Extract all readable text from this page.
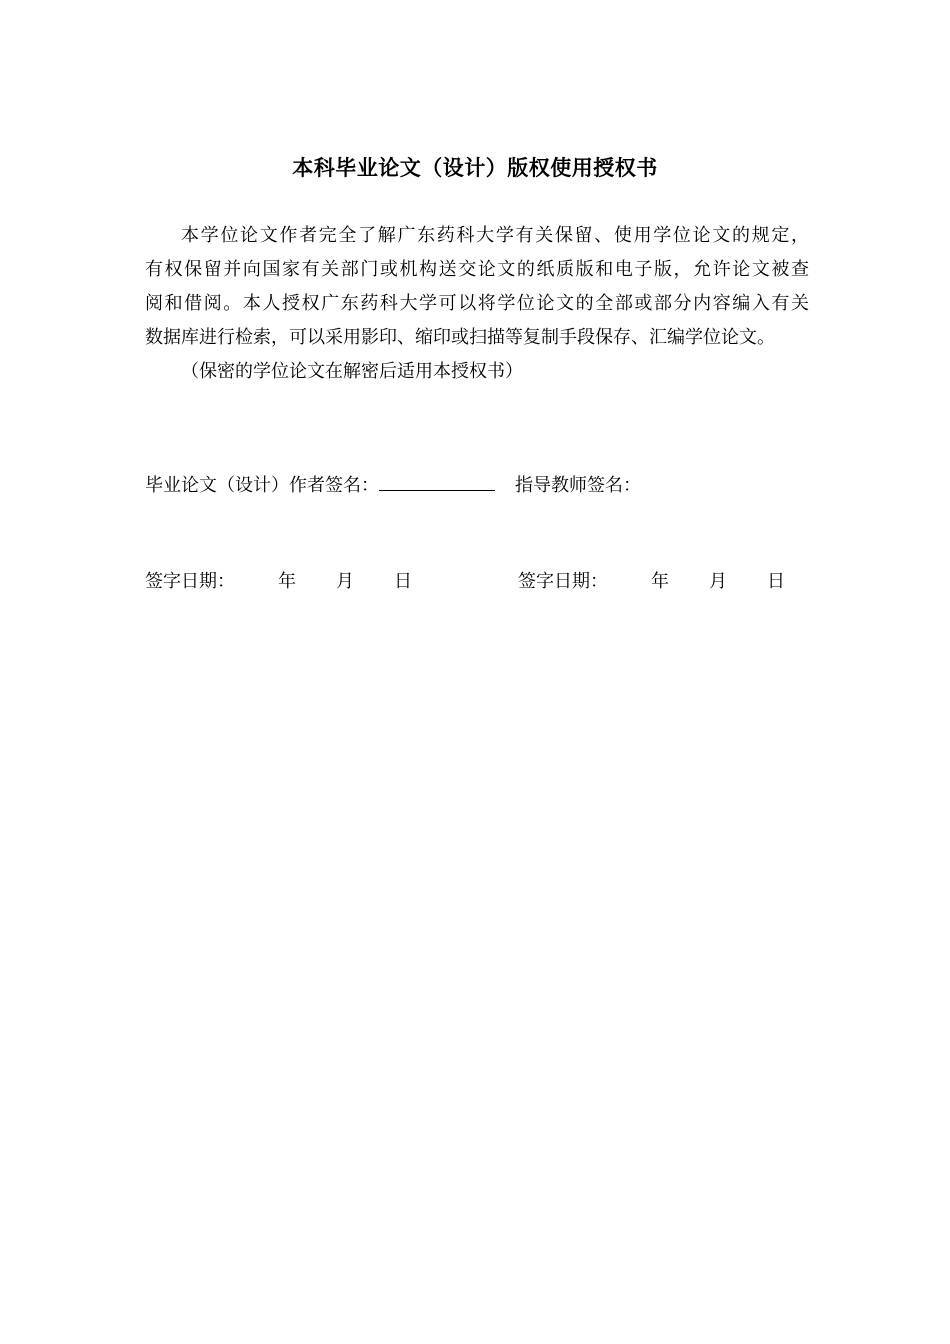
本科毕业论文（设计）版权使用授权书
本学位论文作者完全了解广东药科大学有关保留、使用学位论文的规定，
有权保留并向国家有关部门或机构送交论文的纸质版和电子版，允许论文被查
阅和借阅。本人授权广东药科大学可以将学位论文的全部或部分内容编入有关
数据库进行检索，可以采用影印、缩印或扫描等复制手段保存、汇编学位论文。
（保密的学位论文在解密后适用本授权书）
毕业论文（设计）作者签名：	指导教师签名：
签字日期： 年 月 日	签字日期： 年 月 日
